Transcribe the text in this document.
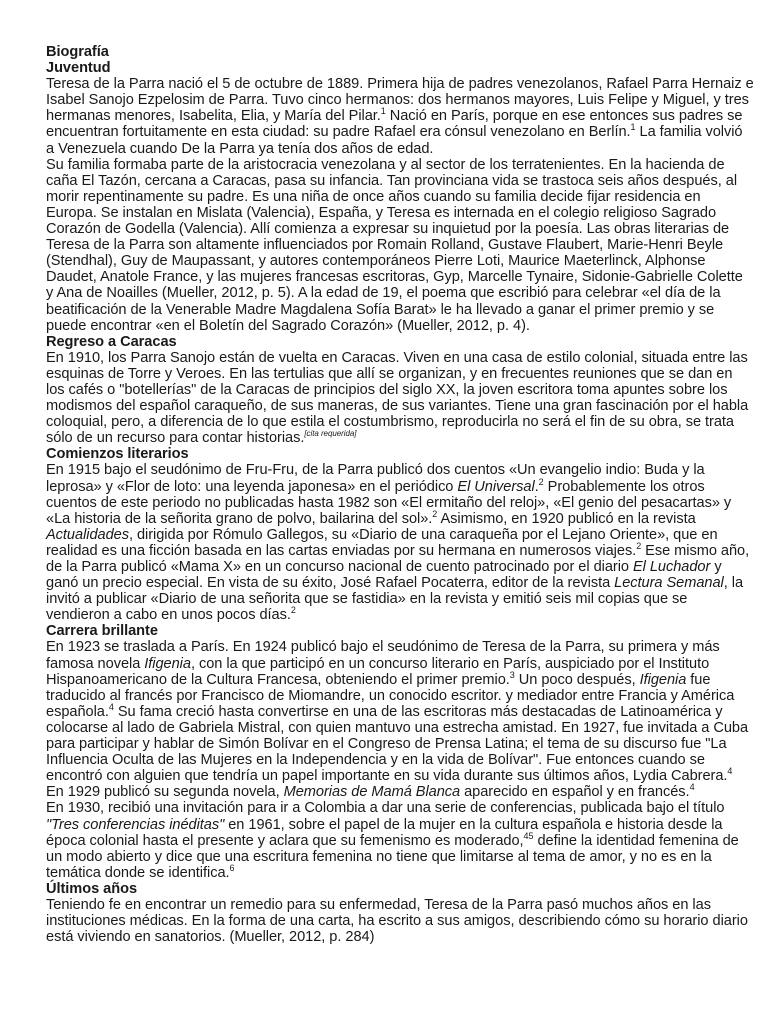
Biografía

Juventud

Teresa de la Parra nació el 5 de octubre de 1889. Primera hija de padres venezolanos, Rafael Parra Hernaiz e Isabel Sanojo Ezpelosim de Parra. Tuvo cinco hermanos: dos hermanos mayores, Luis Felipe y Miguel, y tres hermanas menores, Isabelita, Elia, y María del Pilar.$^1$ Nació en París, porque en ese entonces sus padres se encuentran fortuitamente en esta ciudad: su padre Rafael era cónsul venezolano en Berlín.$^1$ La familia volvió a Venezuela cuando De la Parra ya tenía dos años de edad.

Su familia formaba parte de la aristocracia venezolana y al sector de los terratenientes. En la hacienda de caña El Tazón, cercana a Caracas, pasa su infancia. Tan provinciana vida se trastoca seis años después, al morir repentinamente su padre. Es una niña de once años cuando su familia decide fijar residencia en Europa. Se instalan en Mislata (Valencia), España, y Teresa es internada en el colegio religioso Sagrado Corazón de Godella (Valencia). Allí comienza a expresar su inquietud por la poesía. Las obras literarias de Teresa de la Parra son altamente influenciados por Romain Rolland, Gustave Flaubert, Marie-Henri Beyle (Stendhal), Guy de Maupassant, y autores contemporáneos Pierre Loti, Maurice Maeterlinck, Alphonse Daudet, Anatole France, y las mujeres francesas escritoras, Gyp, Marcelle Tynaire, Sidonie-Gabrielle Colette y Ana de Noailles (Mueller, 2012, p. 5). A la edad de 19, el poema que escribió para celebrar «el día de la beatificación de la Venerable Madre Magdalena Sofía Barat» le ha llevado a ganar el primer premio y se puede encontrar «en el Boletín del Sagrado Corazón» (Mueller, 2012, p. 4).

Regreso a Caracas

En 1910, los Parra Sanojo están de vuelta en Caracas. Viven en una casa de estilo colonial, situada entre las esquinas de Torre y Veroes. En las tertulias que allí se organizan, y en frecuentes reuniones que se dan en los cafés o "botellerías" de la Caracas de principios del siglo XX, la joven escritora toma apuntes sobre los modismos del español caraqueño, de sus maneras, de sus variantes. Tiene una gran fascinación por el habla coloquial, pero, a diferencia de lo que estila el costumbrismo, reproducirla no será el fin de su obra, se trata sólo de un recurso para contar historias.[cita requerida]

Comienzos literarios

En 1915 bajo el seudónimo de Fru-Fru, de la Parra publicó dos cuentos «Un evangelio indio: Buda y la leprosa» y «Flor de loto: una leyenda japonesa» en el periódico El Universal.$^2$ Probablemente los otros cuentos de este periodo no publicadas hasta 1982 son «El ermitaño del reloj», «El genio del pesacartas» y «La historia de la señorita grano de polvo, bailarina del sol».$^2$ Asimismo, en 1920 publicó en la revista Actualidades, dirigida por Rómulo Gallegos, su «Diario de una caraqueña por el Lejano Oriente», que en realidad es una ficción basada en las cartas enviadas por su hermana en numerosos viajes.$^2$ Ese mismo año, de la Parra publicó «Mama X» en un concurso nacional de cuento patrocinado por el diario El Luchador y ganó un precio especial. En vista de su éxito, José Rafael Pocaterra, editor de la revista Lectura Semanal, la invitó a publicar «Diario de una señorita que se fastidia» en la revista y emitió seis mil copias que se vendieron a cabo en unos pocos días.$^2$

Carrera brillante

En 1923 se traslada a París. En 1924 publicó bajo el seudónimo de Teresa de la Parra, su primera y más famosa novela Ifigenia, con la que participó en un concurso literario en París, auspiciado por el Instituto Hispanoamericano de la Cultura Francesa, obteniendo el primer premio.$^3$ Un poco después, Ifigenia fue traducido al francés por Francisco de Miomandre, un conocido escritor. y mediador entre Francia y América española.$^4$ Su fama creció hasta convertirse en una de las escritoras más destacadas de Latinoamérica y colocarse al lado de Gabriela Mistral, con quien mantuvo una estrecha amistad. En 1927, fue invitada a Cuba para participar y hablar de Simón Bolívar en el Congreso de Prensa Latina; el tema de su discurso fue "La Influencia Oculta de las Mujeres en la Independencia y en la vida de Bolívar". Fue entonces cuando se encontró con alguien que tendría un papel importante en su vida durante sus últimos años, Lydia Cabrera.$^4$ En 1929 publicó su segunda novela, Memorias de Mamá Blanca aparecido en español y en francés.$^4$

En 1930, recibió una invitación para ir a Colombia a dar una serie de conferencias, publicada bajo el título "Tres conferencias inéditas" en 1961, sobre el papel de la mujer en la cultura española e historia desde la época colonial hasta el presente y aclara que su femenismo es moderado,$^{45}$ define la identidad femenina de un modo abierto y dice que una escritura femenina no tiene que limitarse al tema de amor, y no es en la temática donde se identifica.$^6$

Últimos años

Teniendo fe en encontrar un remedio para su enfermedad, Teresa de la Parra pasó muchos años en las instituciones médicas. En la forma de una carta, ha escrito a sus amigos, describiendo cómo su horario diario está viviendo en sanatorios. (Mueller, 2012, p. 284)
